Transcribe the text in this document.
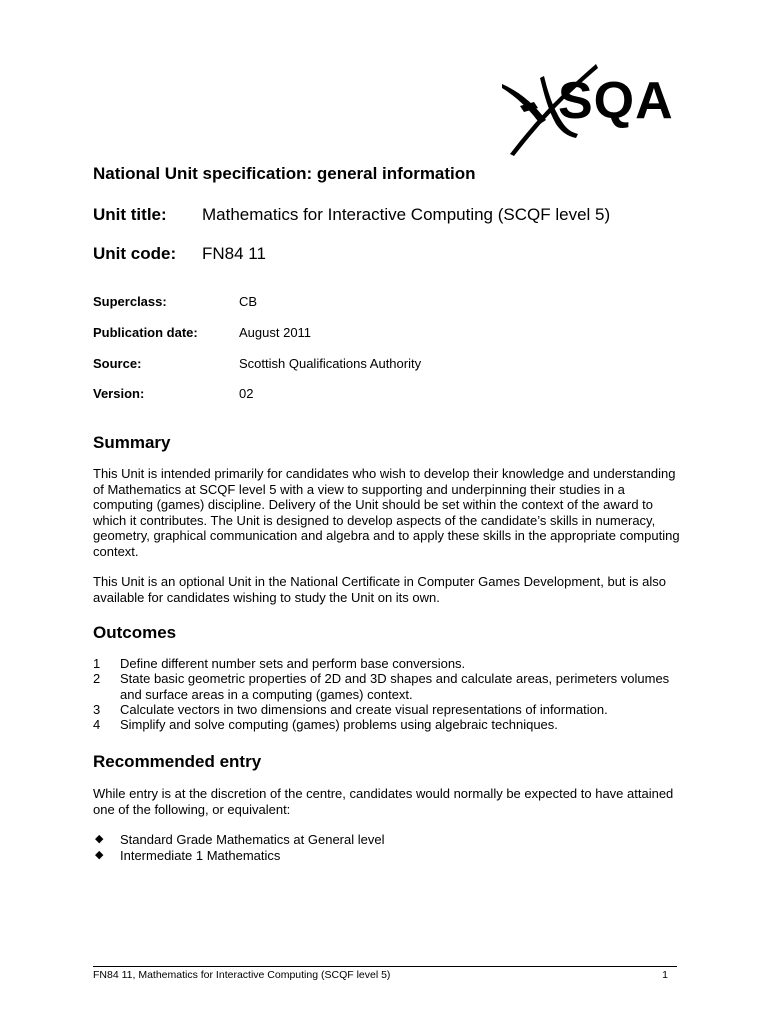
SQA
National Unit specification: general information
Unit title: Mathematics for Interactive Computing (SCQF level 5)
Unit code: FN84 11
Superclass:	CB
Publication date:	August 2011
Source:	Scottish Qualifications Authority
Version:	02
Summary
This Unit is intended primarily for candidates who wish to develop their knowledge and understanding of Mathematics at SCQF level 5 with a view to supporting and underpinning their studies in a computing (games) discipline. Delivery of the Unit should be set within the context of the award to which it contributes. The Unit is designed to develop aspects of the candidate’s skills in numeracy, geometry, graphical communication and algebra and to apply these skills in the appropriate computing context.
This Unit is an optional Unit in the National Certificate in Computer Games Development, but is also available for candidates wishing to study the Unit on its own.
Outcomes
1 Define different number sets and perform base conversions.
2 State basic geometric properties of 2D and 3D shapes and calculate areas, perimeters volumes and surface areas in a computing (games) context.
3 Calculate vectors in two dimensions and create visual representations of information.
4 Simplify and solve computing (games) problems using algebraic techniques.
Recommended entry
While entry is at the discretion of the centre, candidates would normally be expected to have attained one of the following, or equivalent:
◆ Standard Grade Mathematics at General level
◆ Intermediate 1 Mathematics
FN84 11, Mathematics for Interactive Computing (SCQF level 5)	1
